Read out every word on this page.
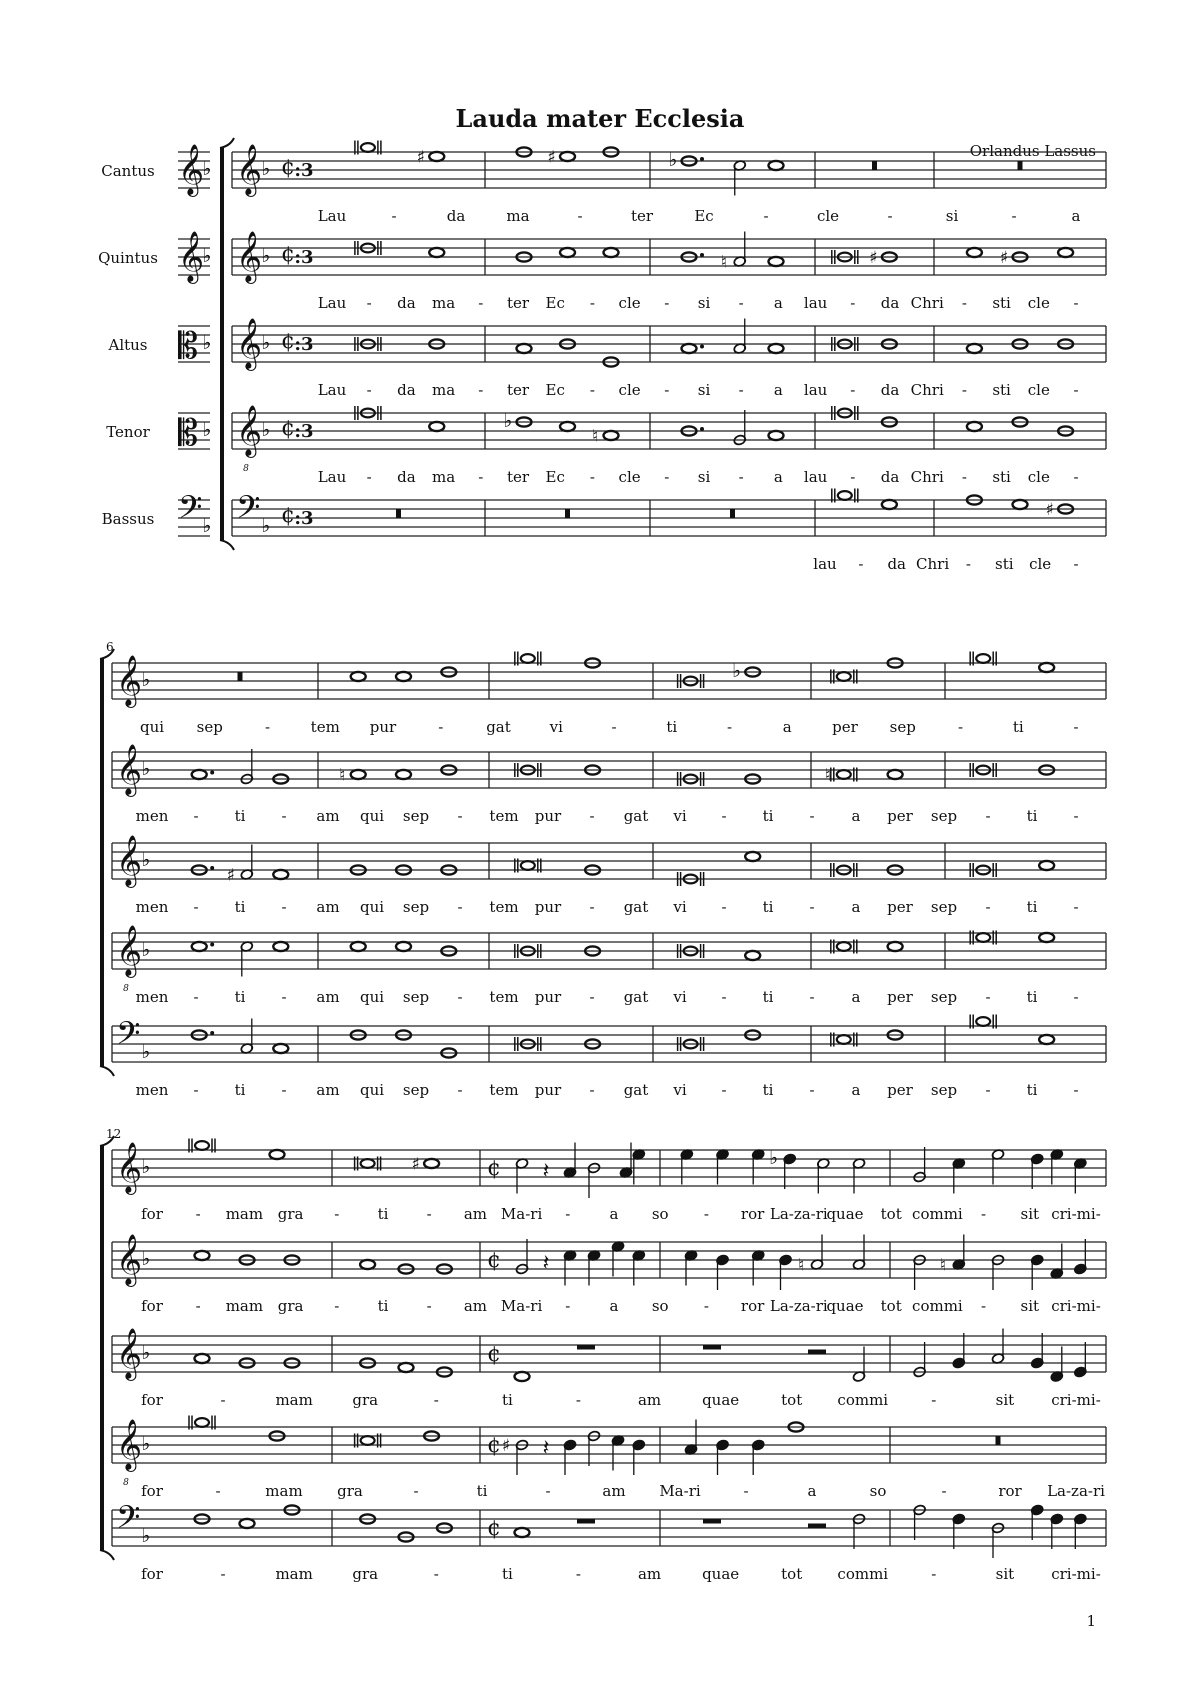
Lauda mater Ecclesia
Orlandus Lassus
𝄞 ♭ ¢ :3
♯	♯	♭
Lau	-	da	ma	-	ter	Ec	-	cle	-	si	-	a
Cantus 𝄞
♭
𝄞 ♭ ¢ :3	♮	♯	♯
Lau - da ma - ter Ec - cle - si - a lau - da Chri - sti cle -
Quintus 𝄞
♭
𝄞 ♭ ¢ :3
Lau - da ma - ter Ec - cle - si - a lau - da Chri - sti cle -
Altus 𝄡 ♭
𝄞 ♭
8
¢ :3	♭
♮
Lau - da ma - ter Ec - cle - si - a lau - da Chri - sti cle -
Tenor 𝄡 ♭
𝄢 ♭ ¢ :3	♯
lau - da Chri - sti cle -
Bassus 𝄢 ♭
6
𝄞 ♭	♭
qui sep	-	tem pur	-	gat	vi	-	ti	-	a	per sep	-	ti	-
𝄞 ♭	♮	♮
men - ti - am qui sep - tem pur - gat vi - ti - a per sep - ti -
𝄞 ♭
♯
men - ti - am qui sep - tem pur - gat vi - ti - a per sep - ti -
𝄞 ♭
8 men - ti - am qui sep - tem pur - gat vi - ti - a per sep - ti -
𝄢 ♭
men - ti - am qui sep - tem pur - gat vi - ti - a per sep - ti -
12
𝄞 ♭	¢
♯	𝄽
♭
for - mam gra -	ti	- am Ma-ri -	a so - ror La-za-ri
quae tot commi - sit cri-mi-
𝄞 ♭	¢ 𝄽	♮	♮
for - mam gra -	ti	- am Ma-ri -	a so - ror La-za-ri
quae tot commi - sit cri-mi-
𝄞 ♭	¢
for	-	mam	gra	-	ti	-	am	quae	tot commi	-	sit cri-mi-
𝄞 ♭
8
¢ ♯ 𝄽
for	-	mam gra	-	ti	-	am Ma-ri	-	a	so	-	ror La-za-ri
𝄢 ♭	¢
for	-	mam	gra	-	ti	-	am	quae	tot commi	-	sit cri-mi-
1
